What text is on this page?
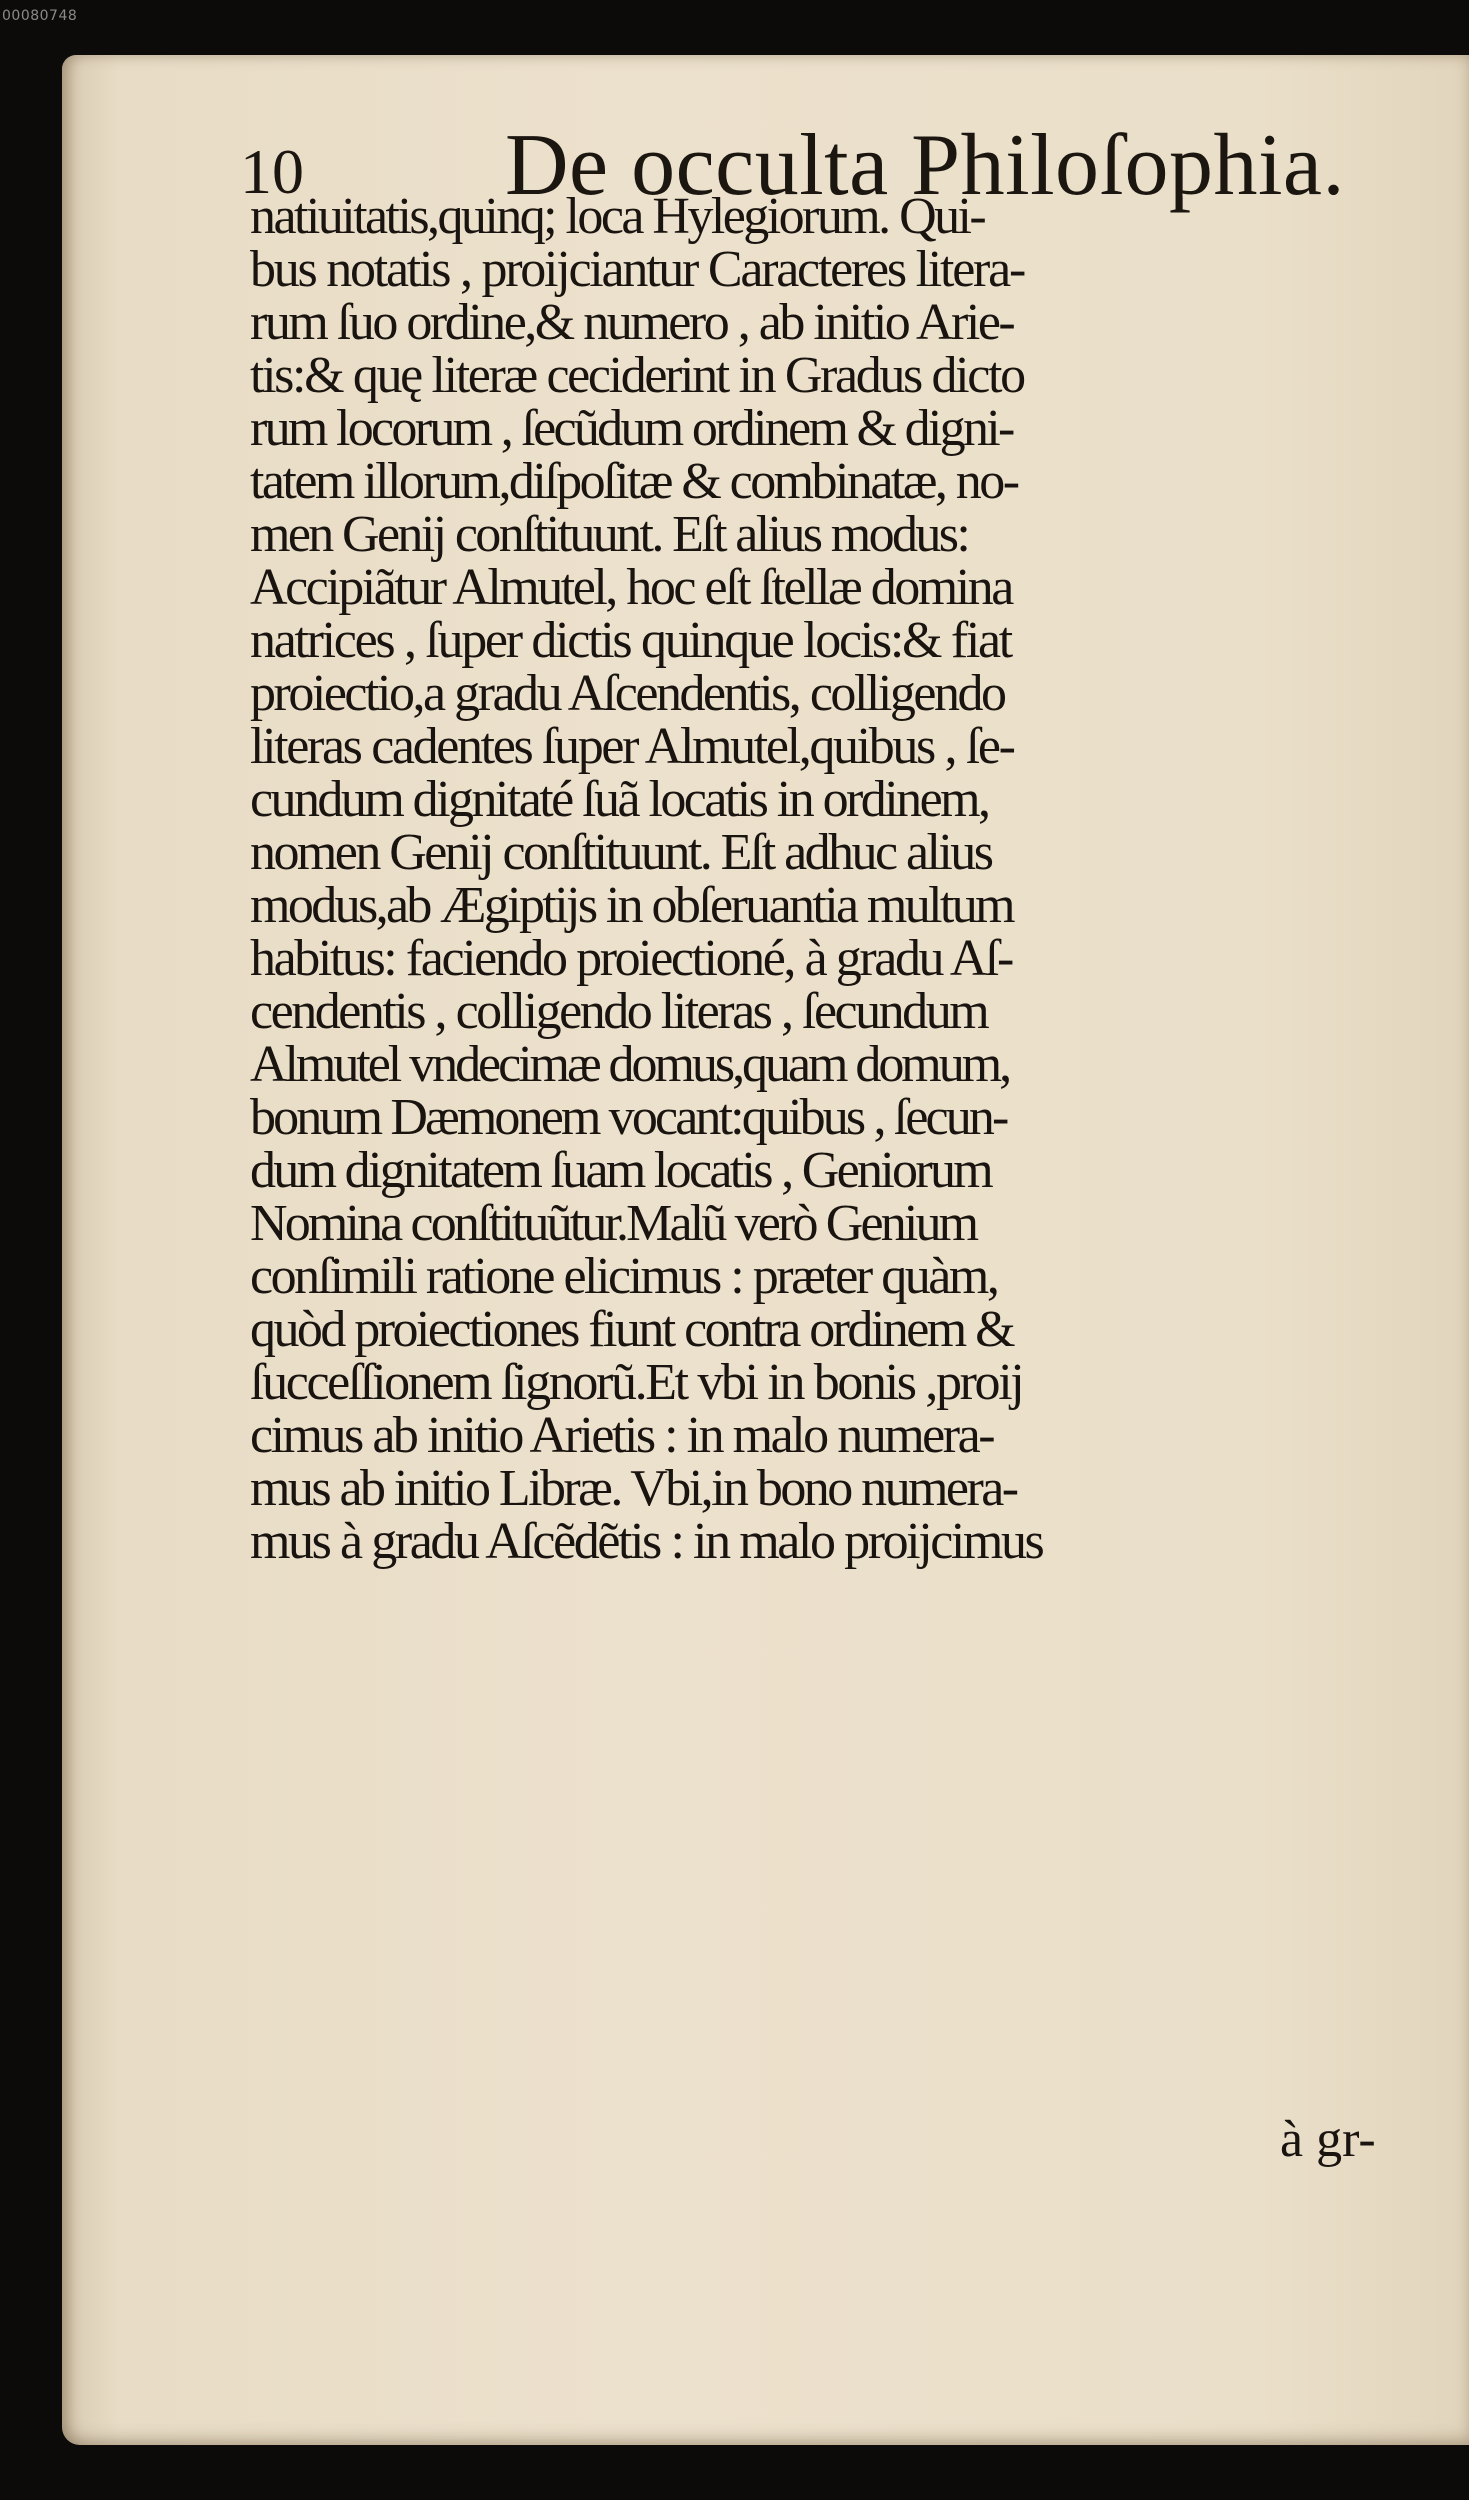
00080748
10 De occulta Philoſophia.
natiuitatis,quinq; loca Hylegiorum. Qui-
bus notatis , proijciantur Caracteres litera-
rum ſuo ordine,& numero , ab initio Arie-
tis:& quę literæ ceciderint in Gradus dicto
rum locorum , ſecũdum ordinem & digni-
tatem illorum,diſpoſitæ & combinatæ, no-
men Genij conſtituunt. Eſt alius modus:
Accipiãtur Almutel, hoc eſt ſtellæ domina
natrices , ſuper dictis quinque locis:& fiat
proiectio,a gradu Aſcendentis, colligendo
literas cadentes ſuper Almutel,quibus , ſe-
cundum dignitaté ſuã locatis in ordinem,
nomen Genij conſtituunt. Eſt adhuc alius
modus,ab Ægiptijs in obſeruantia multum
habitus: faciendo proiectioné, à gradu Aſ-
cendentis , colligendo literas , ſecundum
Almutel vndecimæ domus,quam domum,
bonum Dæmonem vocant:quibus , ſecun-
dum dignitatem ſuam locatis , Geniorum
Nomina conſtituũtur.Malũ verò Genium
conſimili ratione elicimus : præter quàm,
quòd proiectiones fiunt contra ordinem &
ſucceſſionem ſignorũ.Et vbi in bonis ,proij
cimus ab initio Arietis : in malo numera-
mus ab initio Libræ. Vbi,in bono numera-
mus à gradu Aſcẽdẽtis : in malo proijcimus
à gr-
